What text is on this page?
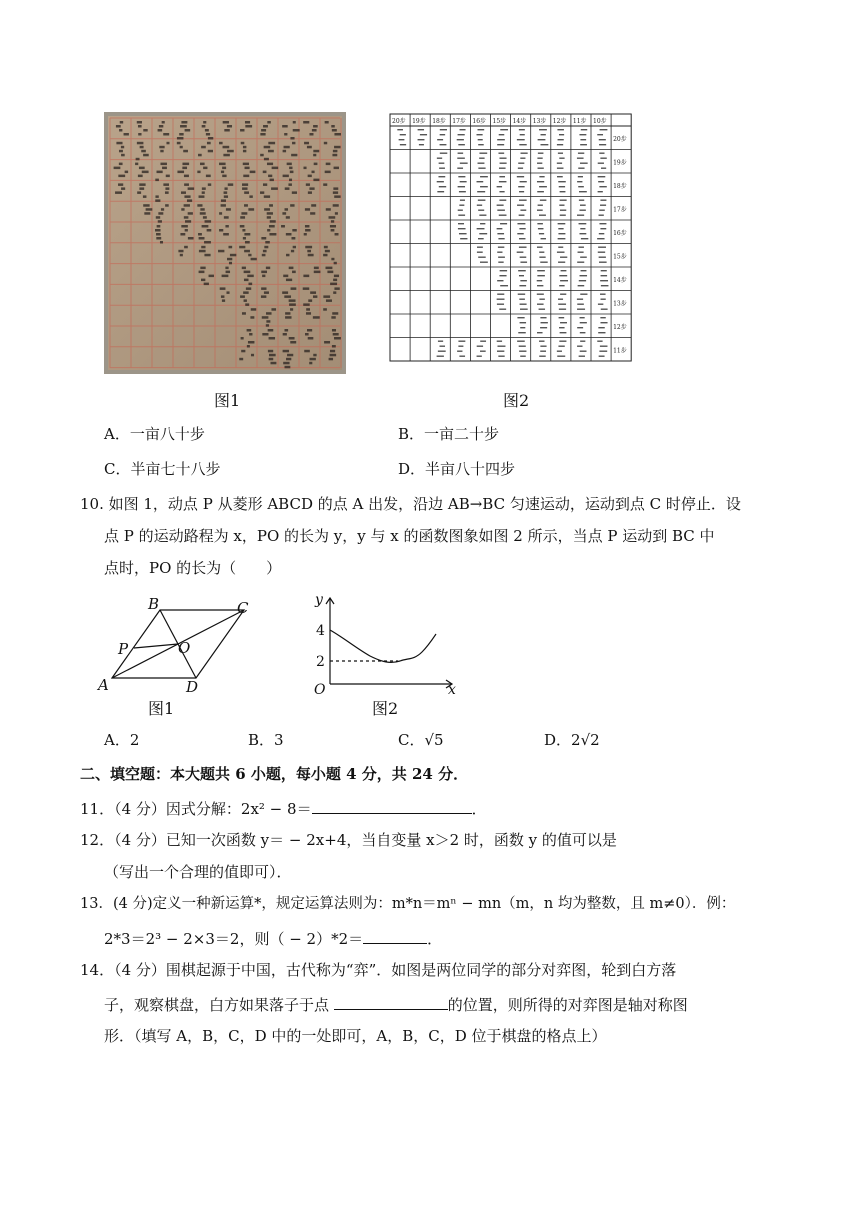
图1
20步 19步 18步 17步 16步 15步 14步 13步 12步 11步 10步
20步
19步
18步
17步
16步
15步
14步
13步
12步
11步
图2
A．一亩八十步	B．一亩二十步
C．半亩七十八步	D．半亩八十四步
10. 如图 1，动点 P 从菱形 ABCD 的点 A 出发，沿边 AB→BC 匀速运动，运动到点 C 时停止．设
点 P 的运动路程为 x，PO 的长为 y，y 与 x 的函数图象如图 2 所示，当点 P 运动到 BC 中
点时，PO 的长为（　　）
A
B	C
D
P	O
图1
y
x
O
4
2
图2
A．2	B．3	C．√5	D．2√2
二、填空题：本大题共 6 小题，每小题 4 分，共 24 分．
11．（4 分）因式分解：2x² − 8＝	．
12．（4 分）已知一次函数 y＝ − 2x+4，当自变量 x＞2 时，函数 y 的值可以是
（写出一个合理的值即可）．
13．(4 分)定义一种新运算*，规定运算法则为：m*n＝mⁿ − mn（m，n 均为整数，且 m≠0）．例：
2*3＝2³ − 2×3＝2，则（ − 2）*2＝	．
14．（4 分）围棋起源于中国，古代称为“弈”．如图是两位同学的部分对弈图，轮到白方落
子，观察棋盘，白方如果落子于点	的位置，则所得的对弈图是轴对称图
形．（填写 A，B，C，D 中的一处即可，A，B，C，D 位于棋盘的格点上）
